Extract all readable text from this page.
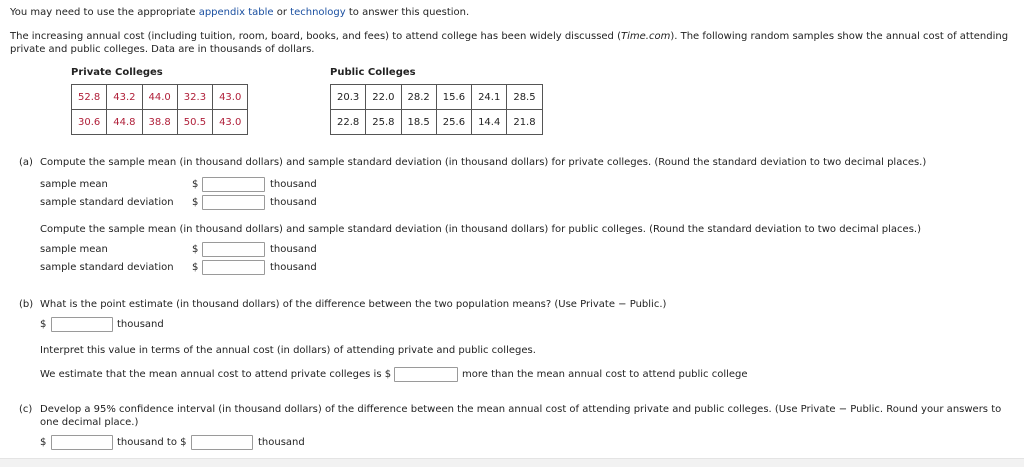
You may need to use the appropriate appendix table or technology to answer this question.
The increasing annual cost (including tuition, room, board, books, and fees) to attend college has been widely discussed (Time.com). The following random samples show the annual cost of attending private and public colleges. Data are in thousands of dollars.
Private Colleges
52.8	43.2	44.0	32.3	43.0
30.6	44.8	38.8	50.5	43.0
Public Colleges
20.3	22.0	28.2	15.6	24.1	28.5
22.8	25.8	18.5	25.6	14.4	21.8
(a) Compute the sample mean (in thousand dollars) and sample standard deviation (in thousand dollars) for private colleges. (Round the standard deviation to two decimal places.)
sample mean	$	thousand
sample standard deviation $	thousand
Compute the sample mean (in thousand dollars) and sample standard deviation (in thousand dollars) for public colleges. (Round the standard deviation to two decimal places.)
sample mean	$	thousand
sample standard deviation $	thousand
(b) What is the point estimate (in thousand dollars) of the difference between the two population means? (Use Private − Public.)
$	thousand
Interpret this value in terms of the annual cost (in dollars) of attending private and public colleges.
We estimate that the mean annual cost to attend private colleges is $	more than the mean annual cost to attend public college
(c) Develop a 95% confidence interval (in thousand dollars) of the difference between the mean annual cost of attending private and public colleges. (Use Private − Public. Round your answers to
one decimal place.)
$	thousand to $	thousand
